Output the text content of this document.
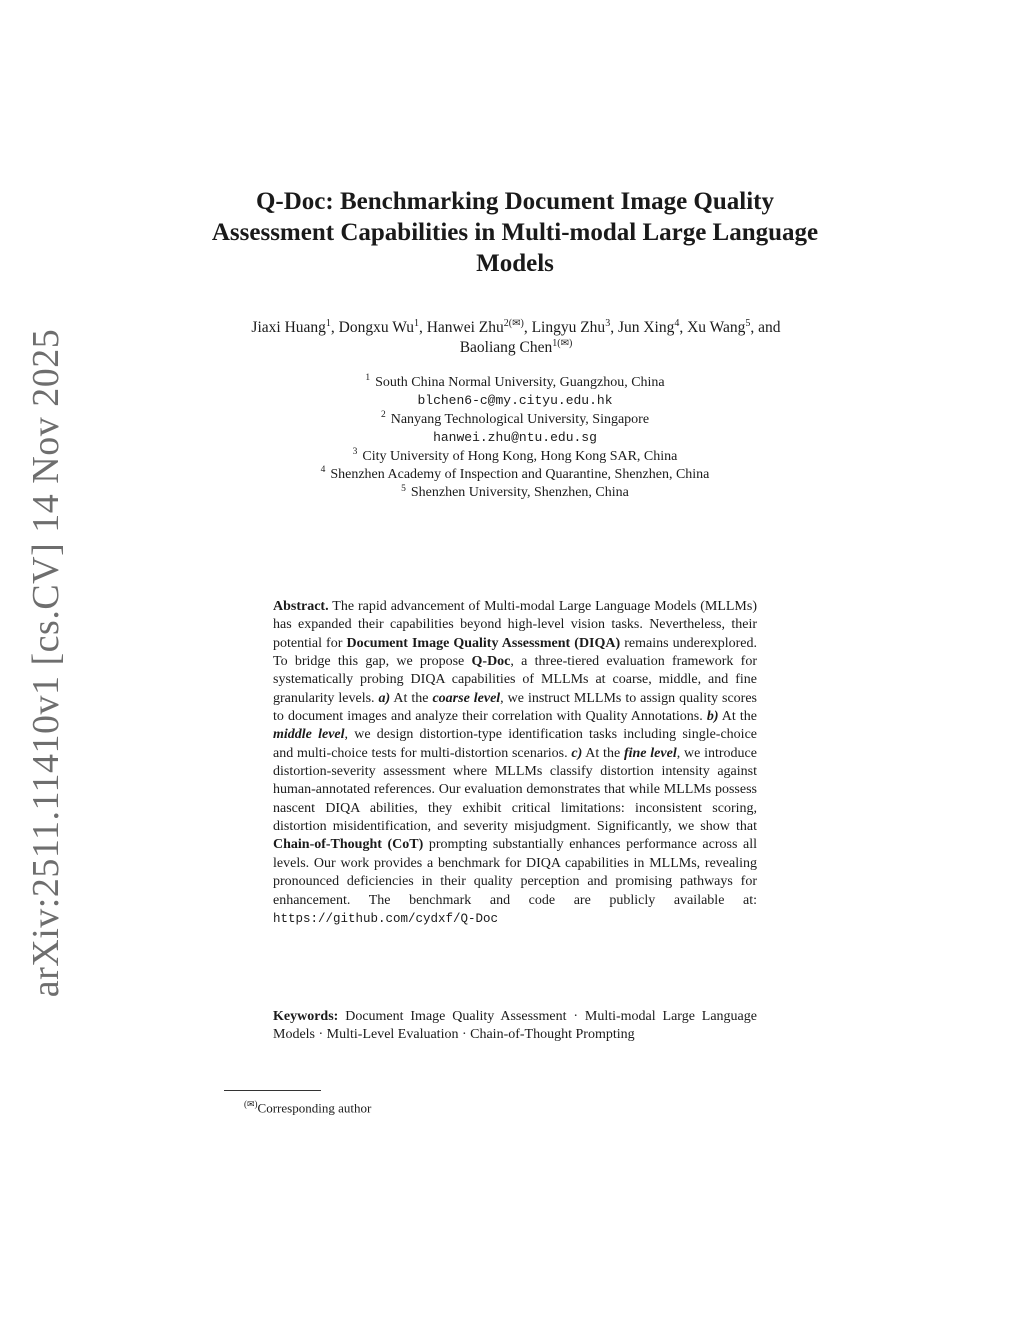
arXiv:2511.11410v1 [cs.CV] 14 Nov 2025
Q-Doc: Benchmarking Document Image Quality Assessment Capabilities in Multi-modal Large Language Models
Jiaxi Huang$^1$, Dongxu Wu$^1$, Hanwei Zhu$^{2(✉)}$, Lingyu Zhu$^3$, Jun Xing$^4$, Xu Wang$^5$, and Baoliang Chen$^{1(✉)}$
$^1$ South China Normal University, Guangzhou, China
blchen6-c@my.cityu.edu.hk
$^2$ Nanyang Technological University, Singapore
hanwei.zhu@ntu.edu.sg
$^3$ City University of Hong Kong, Hong Kong SAR, China
$^4$ Shenzhen Academy of Inspection and Quarantine, Shenzhen, China
$^5$ Shenzhen University, Shenzhen, China

Abstract. The rapid advancement of Multi-modal Large Language Models (MLLMs) has expanded their capabilities beyond high-level vision tasks. Nevertheless, their potential for Document Image Quality Assessment (DIQA) remains underexplored. To bridge this gap, we propose Q-Doc, a three-tiered evaluation framework for systematically probing DIQA capabilities of MLLMs at coarse, middle, and fine granularity levels. a) At the coarse level, we instruct MLLMs to assign quality scores to document images and analyze their correlation with Quality Annotations. b) At the middle level, we design distortion-type identification tasks including single-choice and multi-choice tests for multi-distortion scenarios. c) At the fine level, we introduce distortion-severity assessment where MLLMs classify distortion intensity against human-annotated references. Our evaluation demonstrates that while MLLMs possess nascent DIQA abilities, they exhibit critical limitations: inconsistent scoring, distortion misidentification, and severity misjudgment. Significantly, we show that Chain-of-Thought (CoT) prompting substantially enhances performance across all levels. Our work provides a benchmark for DIQA capabilities in MLLMs, revealing pronounced deficiencies in their quality perception and promising pathways for enhancement. The benchmark and code are publicly available at: https://github.com/cydxf/Q-Doc

Keywords: Document Image Quality Assessment · Multi-modal Large Language Models · Multi-Level Evaluation · Chain-of-Thought Prompting

(✉)Corresponding author
